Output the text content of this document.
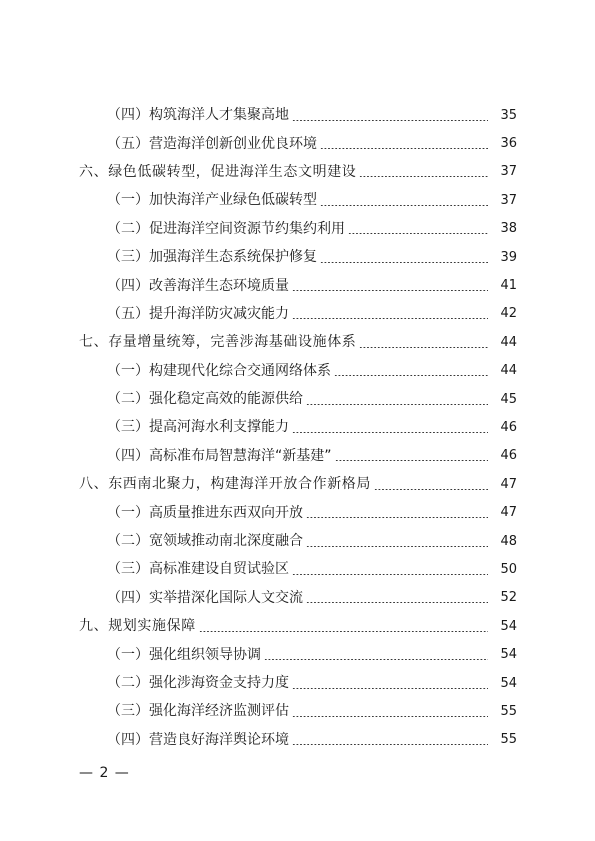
（四）构筑海洋人才集聚高地	35
（五）营造海洋创新创业优良环境	36
六、绿色低碳转型，促进海洋生态文明建设	37
（一）加快海洋产业绿色低碳转型	37
（二）促进海洋空间资源节约集约利用	38
（三）加强海洋生态系统保护修复	39
（四）改善海洋生态环境质量	41
（五）提升海洋防灾减灾能力	42
七、存量增量统筹，完善涉海基础设施体系	44
（一）构建现代化综合交通网络体系	44
（二）强化稳定高效的能源供给	45
（三）提高河海水利支撑能力	46
（四）高标准布局智慧海洋“新基建”	46
八、东西南北聚力，构建海洋开放合作新格局	47
（一）高质量推进东西双向开放	47
（二）宽领域推动南北深度融合	48
（三）高标准建设自贸试验区	50
（四）实举措深化国际人文交流	52
九、规划实施保障	54
（一）强化组织领导协调	54
（二）强化涉海资金支持力度	54
（三）强化海洋经济监测评估	55
（四）营造良好海洋舆论环境	55
— 2 —
